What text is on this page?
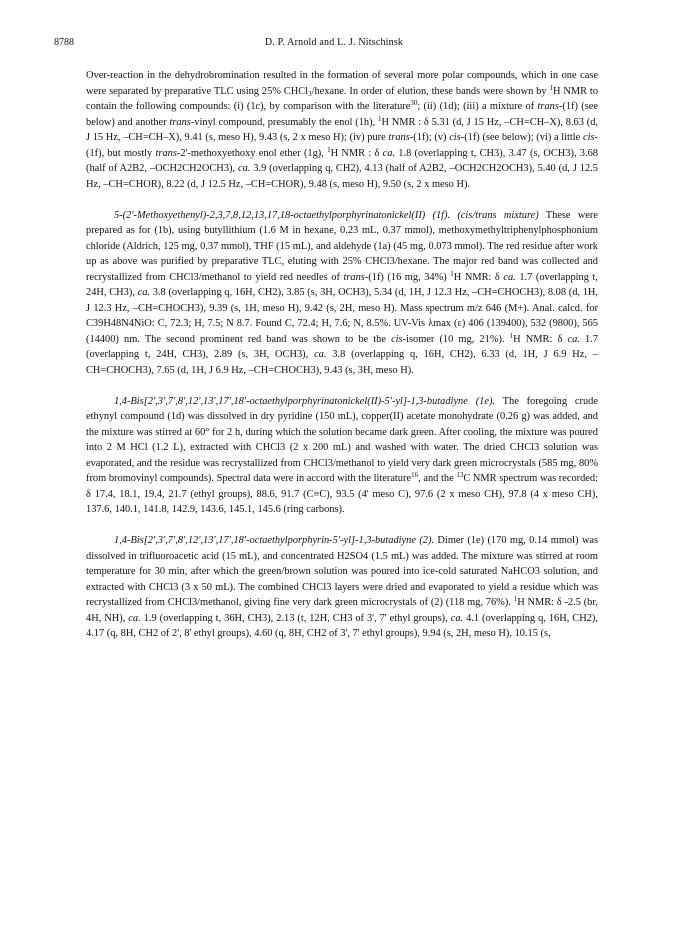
8788	D. P. Arnold and L. J. Nitschinsk

Over-reaction in the dehydrobromination resulted in the formation of several more polar compounds, which in one case were separated by preparative TLC using 25% CHCl$_3$/hexane. In order of elution, these bands were shown by $^1$H NMR to contain the following compounds: (i) (1c), by comparison with the literature$^{30}$; (ii) (1d); (iii) a mixture of trans-(1f) (see below) and another trans-vinyl compound, presumably the enol (1h), $^1$H NMR : δ 5.31 (d, J 15 Hz, –CH=CH–X), 8.63 (d, J 15 Hz, –CH=CH–X), 9.41 (s, meso H), 9.43 (s, 2 x meso H); (iv) pure trans-(1f); (v) cis-(1f) (see below); (vi) a little cis-(1f), but mostly trans-2'-methoxyethoxy enol ether (1g), $^1$H NMR : δ ca. 1.8 (overlapping t, CH3), 3.47 (s, OCH3), 3.68 (half of A2B2, –OCH2CH2OCH3), ca. 3.9 (overlapping q, CH2), 4.13 (half of A2B2, –OCH2CH2OCH3), 5.40 (d, J 12.5 Hz, –CH=CHOR), 8.22 (d, J 12.5 Hz, –CH=CHOR), 9.48 (s, meso H), 9.50 (s, 2 x meso H).

5-(2'-Methoxyethenyl)-2,3,7,8,12,13,17,18-octaethylporphyrinatonickel(II) (1f). (cis/trans mixture) These were prepared as for (1b), using butyllithium (1.6 M in hexane, 0.23 mL, 0.37 mmol), methoxymethyltriphenylphosphonium chloride (Aldrich, 125 mg, 0.37 mmol), THF (15 mL), and aldehyde (1a) (45 mg, 0.073 mmol). The red residue after work up as above was purified by preparative TLC, eluting with 25% CHCl3/hexane. The major red band was collected and recrystallized from CHCl3/methanol to yield red needles of trans-(1f) (16 mg, 34%) $^1$H NMR: δ ca. 1.7 (overlapping t, 24H, CH3), ca. 3.8 (overlapping q, 16H, CH2), 3.85 (s, 3H, OCH3), 5.34 (d, 1H, J 12.3 Hz, –CH=CHOCH3), 8.08 (d, 1H, J 12.3 Hz, –CH=CHOCH3), 9.39 (s, 1H, meso H), 9.42 (s, 2H, meso H). Mass spectrum m/z 646 (M+). Anal. calcd. for C39H48N4NiO: C, 72.3; H, 7.5; N 8.7. Found C, 72.4; H, 7.6; N, 8.5%. UV-Vis λmax (ε) 406 (139400), 532 (9800), 565 (14400) nm. The second prominent red band was shown to be the cis-isomer (10 mg, 21%). $^1$H NMR: δ ca. 1.7 (overlapping t, 24H, CH3), 2.89 (s, 3H, OCH3), ca. 3.8 (overlapping q, 16H, CH2), 6.33 (d, 1H, J 6.9 Hz, –CH=CHOCH3), 7.65 (d, 1H, J 6.9 Hz, –CH=CHOCH3), 9.43 (s, 3H, meso H).

1,4-Bis[2',3',7',8',12',13',17',18'-octaethylporphyrinatonickel(II)-5'-yl]-1,3-butadiyne (1e). The foregoing crude ethynyl compound (1d) was dissolved in dry pyridine (150 mL), copper(II) acetate monohydrate (0.26 g) was added, and the mixture was stirred at 60° for 2 h, during which the solution became dark green. After cooling, the mixture was poured into 2 M HCl (1.2 L), extracted with CHCl3 (2 x 200 mL) and washed with water. The dried CHCl3 solution was evaporated, and the residue was recrystallized from CHCl3/methanol to yield very dark green microcrystals (585 mg, 80% from bromovinyl compounds). Spectral data were in accord with the literature$^{16}$, and the $^{13}$C NMR spectrum was recorded: δ 17.4, 18.1, 19.4, 21.7 (ethyl groups), 88.6, 91.7 (C≡C), 93.5 (4' meso C), 97.6 (2 x meso CH), 97.8 (4 x meso CH), 137.6, 140.1, 141.8, 142.9, 143.6, 145.1, 145.6 (ring carbons).

1,4-Bis[2',3',7',8',12',13',17',18'-octaethylporphyrin-5'-yl]-1,3-butadiyne (2). Dimer (1e) (170 mg, 0.14 mmol) was dissolved in trifluoroacetic acid (15 mL), and concentrated H2SO4 (1.5 mL) was added. The mixture was stirred at room temperature for 30 min, after which the green/brown solution was poured into ice-cold saturated NaHCO3 solution, and extracted with CHCl3 (3 x 50 mL). The combined CHCl3 layers were dried and evaporated to yield a residue which was recrystallized from CHCl3/methanol, giving fine very dark green microcrystals of (2) (118 mg, 76%). $^1$H NMR: δ -2.5 (br, 4H, NH), ca. 1.9 (overlapping t, 36H, CH3), 2.13 (t, 12H, CH3 of 3', 7' ethyl groups), ca. 4.1 (overlapping q, 16H, CH2), 4.17 (q, 8H, CH2 of 2', 8' ethyl groups), 4.60 (q, 8H, CH2 of 3', 7' ethyl groups), 9.94 (s, 2H, meso H), 10.15 (s,
